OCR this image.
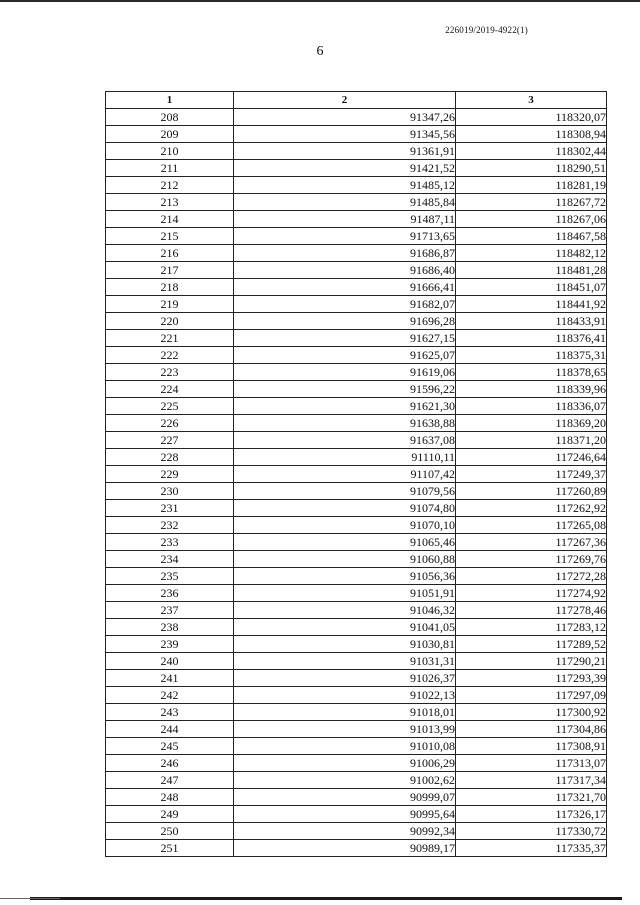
226019/2019-4922(1)
6
1	2	3
208	91347,26	118320,07
209	91345,56	118308,94
210	91361,91	118302,44
211	91421,52	118290,51
212	91485,12	118281,19
213	91485,84	118267,72
214	91487,11	118267,06
215	91713,65	118467,58
216	91686,87	118482,12
217	91686,40	118481,28
218	91666,41	118451,07
219	91682,07	118441,92
220	91696,28	118433,91
221	91627,15	118376,41
222	91625,07	118375,31
223	91619,06	118378,65
224	91596,22	118339,96
225	91621,30	118336,07
226	91638,88	118369,20
227	91637,08	118371,20
228	91110,11	117246,64
229	91107,42	117249,37
230	91079,56	117260,89
231	91074,80	117262,92
232	91070,10	117265,08
233	91065,46	117267,36
234	91060,88	117269,76
235	91056,36	117272,28
236	91051,91	117274,92
237	91046,32	117278,46
238	91041,05	117283,12
239	91030,81	117289,52
240	91031,31	117290,21
241	91026,37	117293,39
242	91022,13	117297,09
243	91018,01	117300,92
244	91013,99	117304,86
245	91010,08	117308,91
246	91006,29	117313,07
247	91002,62	117317,34
248	90999,07	117321,70
249	90995,64	117326,17
250	90992,34	117330,72
251	90989,17	117335,37
